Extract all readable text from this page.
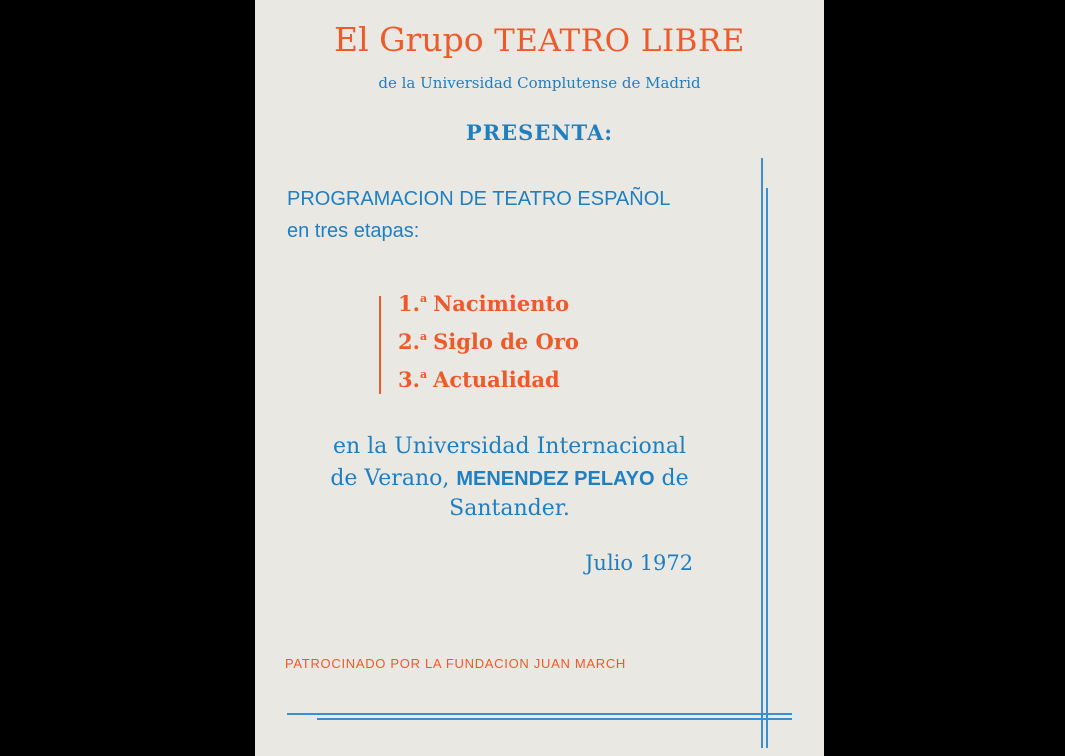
El Grupo TEATRO LIBRE
de la Universidad Complutense de Madrid
PRESENTA:
PROGRAMACION DE TEATRO ESPAÑOL
en tres etapas:
1.$^a$ Nacimiento
2.$^a$ Siglo de Oro
3.$^a$ Actualidad
en la Universidad Internacional
de Verano, MENENDEZ PELAYO de
Santander.
Julio 1972
PATROCINADO POR LA FUNDACION JUAN MARCH
